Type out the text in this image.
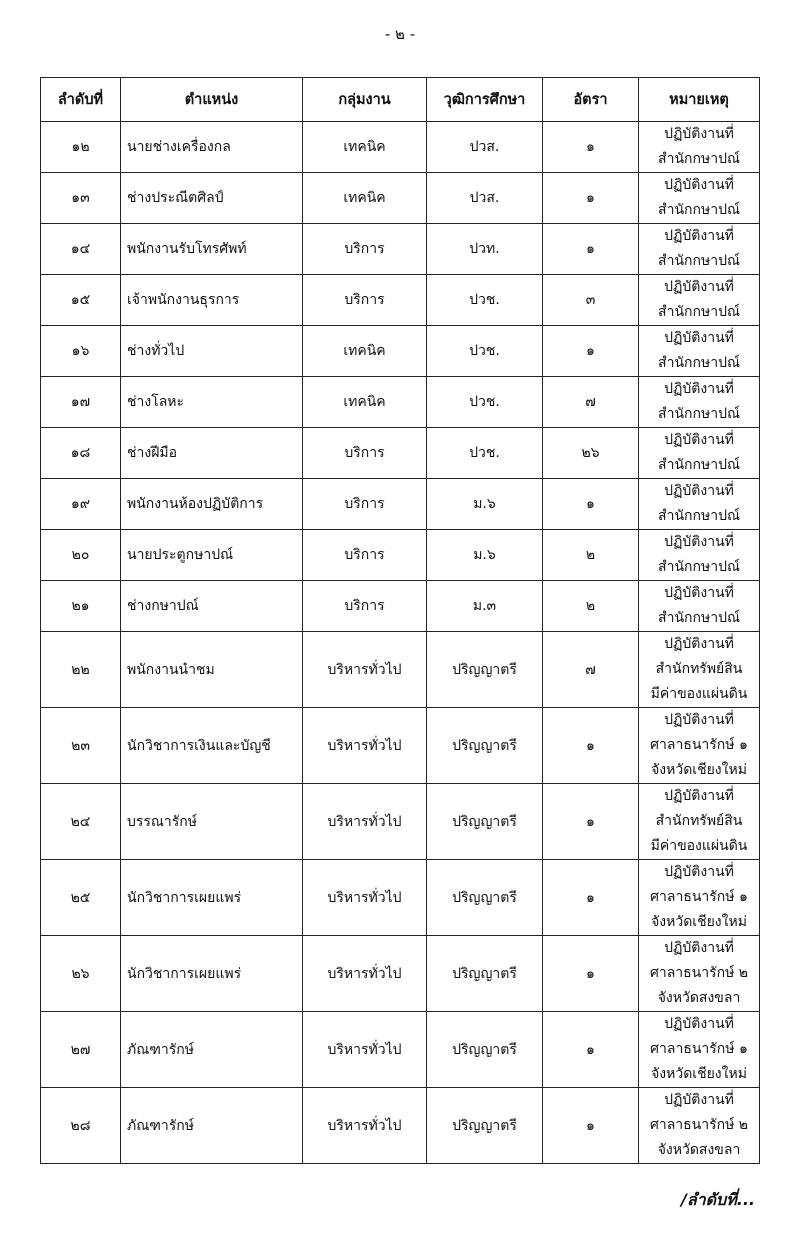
- ๒ -
ลำดับที่	ตำแหน่ง	กลุ่มงาน	วุฒิการศึกษา	อัตรา	หมายเหตุ
๑๒	นายช่างเครื่องกล	เทคนิค	ปวส.	๑	ปฏิบัติงานที่
สำนักกษาปณ์
๑๓	ช่างประณีตศิลป์	เทคนิค	ปวส.	๑	ปฏิบัติงานที่
สำนักกษาปณ์
๑๔	พนักงานรับโทรศัพท์	บริการ	ปวท.	๑	ปฏิบัติงานที่
สำนักกษาปณ์
๑๕	เจ้าพนักงานธุรการ	บริการ	ปวช.	๓	ปฏิบัติงานที่
สำนักกษาปณ์
๑๖	ช่างทั่วไป	เทคนิค	ปวช.	๑	ปฏิบัติงานที่
สำนักกษาปณ์
๑๗	ช่างโลหะ	เทคนิค	ปวช.	๗	ปฏิบัติงานที่
สำนักกษาปณ์
๑๘	ช่างฝีมือ	บริการ	ปวช.	๒๖	ปฏิบัติงานที่
สำนักกษาปณ์
๑๙	พนักงานห้องปฏิบัติการ	บริการ	ม.๖	๑	ปฏิบัติงานที่
สำนักกษาปณ์
๒๐	นายประตูกษาปณ์	บริการ	ม.๖	๒	ปฏิบัติงานที่
สำนักกษาปณ์
๒๑	ช่างกษาปณ์	บริการ	ม.๓	๒	ปฏิบัติงานที่
สำนักกษาปณ์
๒๒	พนักงานนำชม	บริหารทั่วไป	ปริญญาตรี	๗	ปฏิบัติงานที่
สำนักทรัพย์สิน
มีค่าของแผ่นดิน
๒๓	นักวิชาการเงินและบัญชี	บริหารทั่วไป	ปริญญาตรี	๑	ปฏิบัติงานที่
ศาลาธนารักษ์ ๑
จังหวัดเชียงใหม่
๒๔	บรรณารักษ์	บริหารทั่วไป	ปริญญาตรี	๑	ปฏิบัติงานที่
สำนักทรัพย์สิน
มีค่าของแผ่นดิน
๒๕	นักวิชาการเผยแพร่	บริหารทั่วไป	ปริญญาตรี	๑	ปฏิบัติงานที่
ศาลาธนารักษ์ ๑
จังหวัดเชียงใหม่
๒๖	นักวิชาการเผยแพร่	บริหารทั่วไป	ปริญญาตรี	๑	ปฏิบัติงานที่
ศาลาธนารักษ์ ๒
จังหวัดสงขลา
๒๗	ภัณฑารักษ์	บริหารทั่วไป	ปริญญาตรี	๑	ปฏิบัติงานที่
ศาลาธนารักษ์ ๑
จังหวัดเชียงใหม่
๒๘	ภัณฑารักษ์	บริหารทั่วไป	ปริญญาตรี	๑	ปฏิบัติงานที่
ศาลาธนารักษ์ ๒
จังหวัดสงขลา
/ลำดับที่...
